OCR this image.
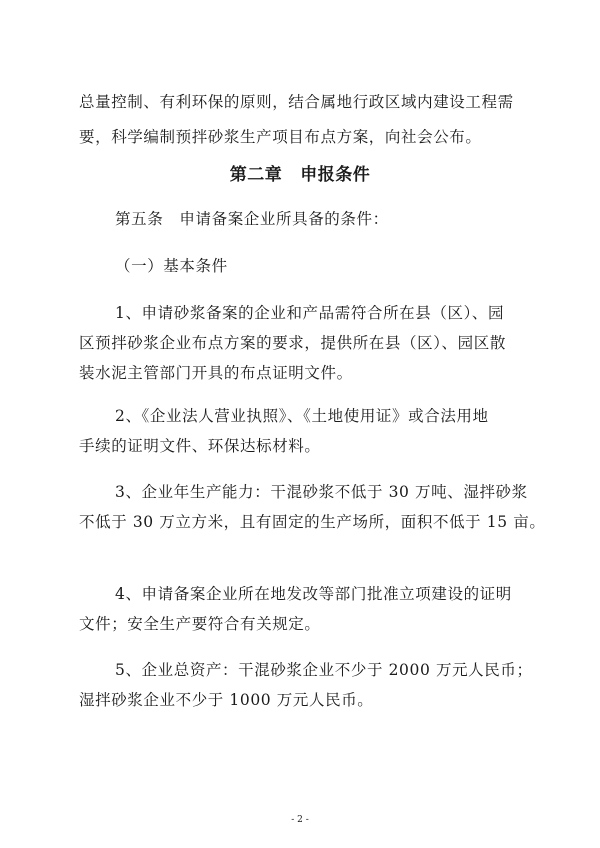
总量控制、有利环保的原则，结合属地行政区域内建设工程需
要，科学编制预拌砂浆生产项目布点方案，向社会公布。
第二章 申报条件
第五条　申请备案企业所具备的条件：
（一）基本条件
1、申请砂浆备案的企业和产品需符合所在县（区）、园
区预拌砂浆企业布点方案的要求，提供所在县（区）、园区散
装水泥主管部门开具的布点证明文件。
2、《企业法人营业执照》、《土地使用证》或合法用地
手续的证明文件、环保达标材料。
3、企业年生产能力：干混砂浆不低于 30 万吨、湿拌砂浆
不低于 30 万立方米，且有固定的生产场所，面积不低于 15 亩。
4、申请备案企业所在地发改等部门批准立项建设的证明
文件；安全生产要符合有关规定。
5、企业总资产：干混砂浆企业不少于 2000 万元人民币；
湿拌砂浆企业不少于 1000 万元人民币。
- 2 -
